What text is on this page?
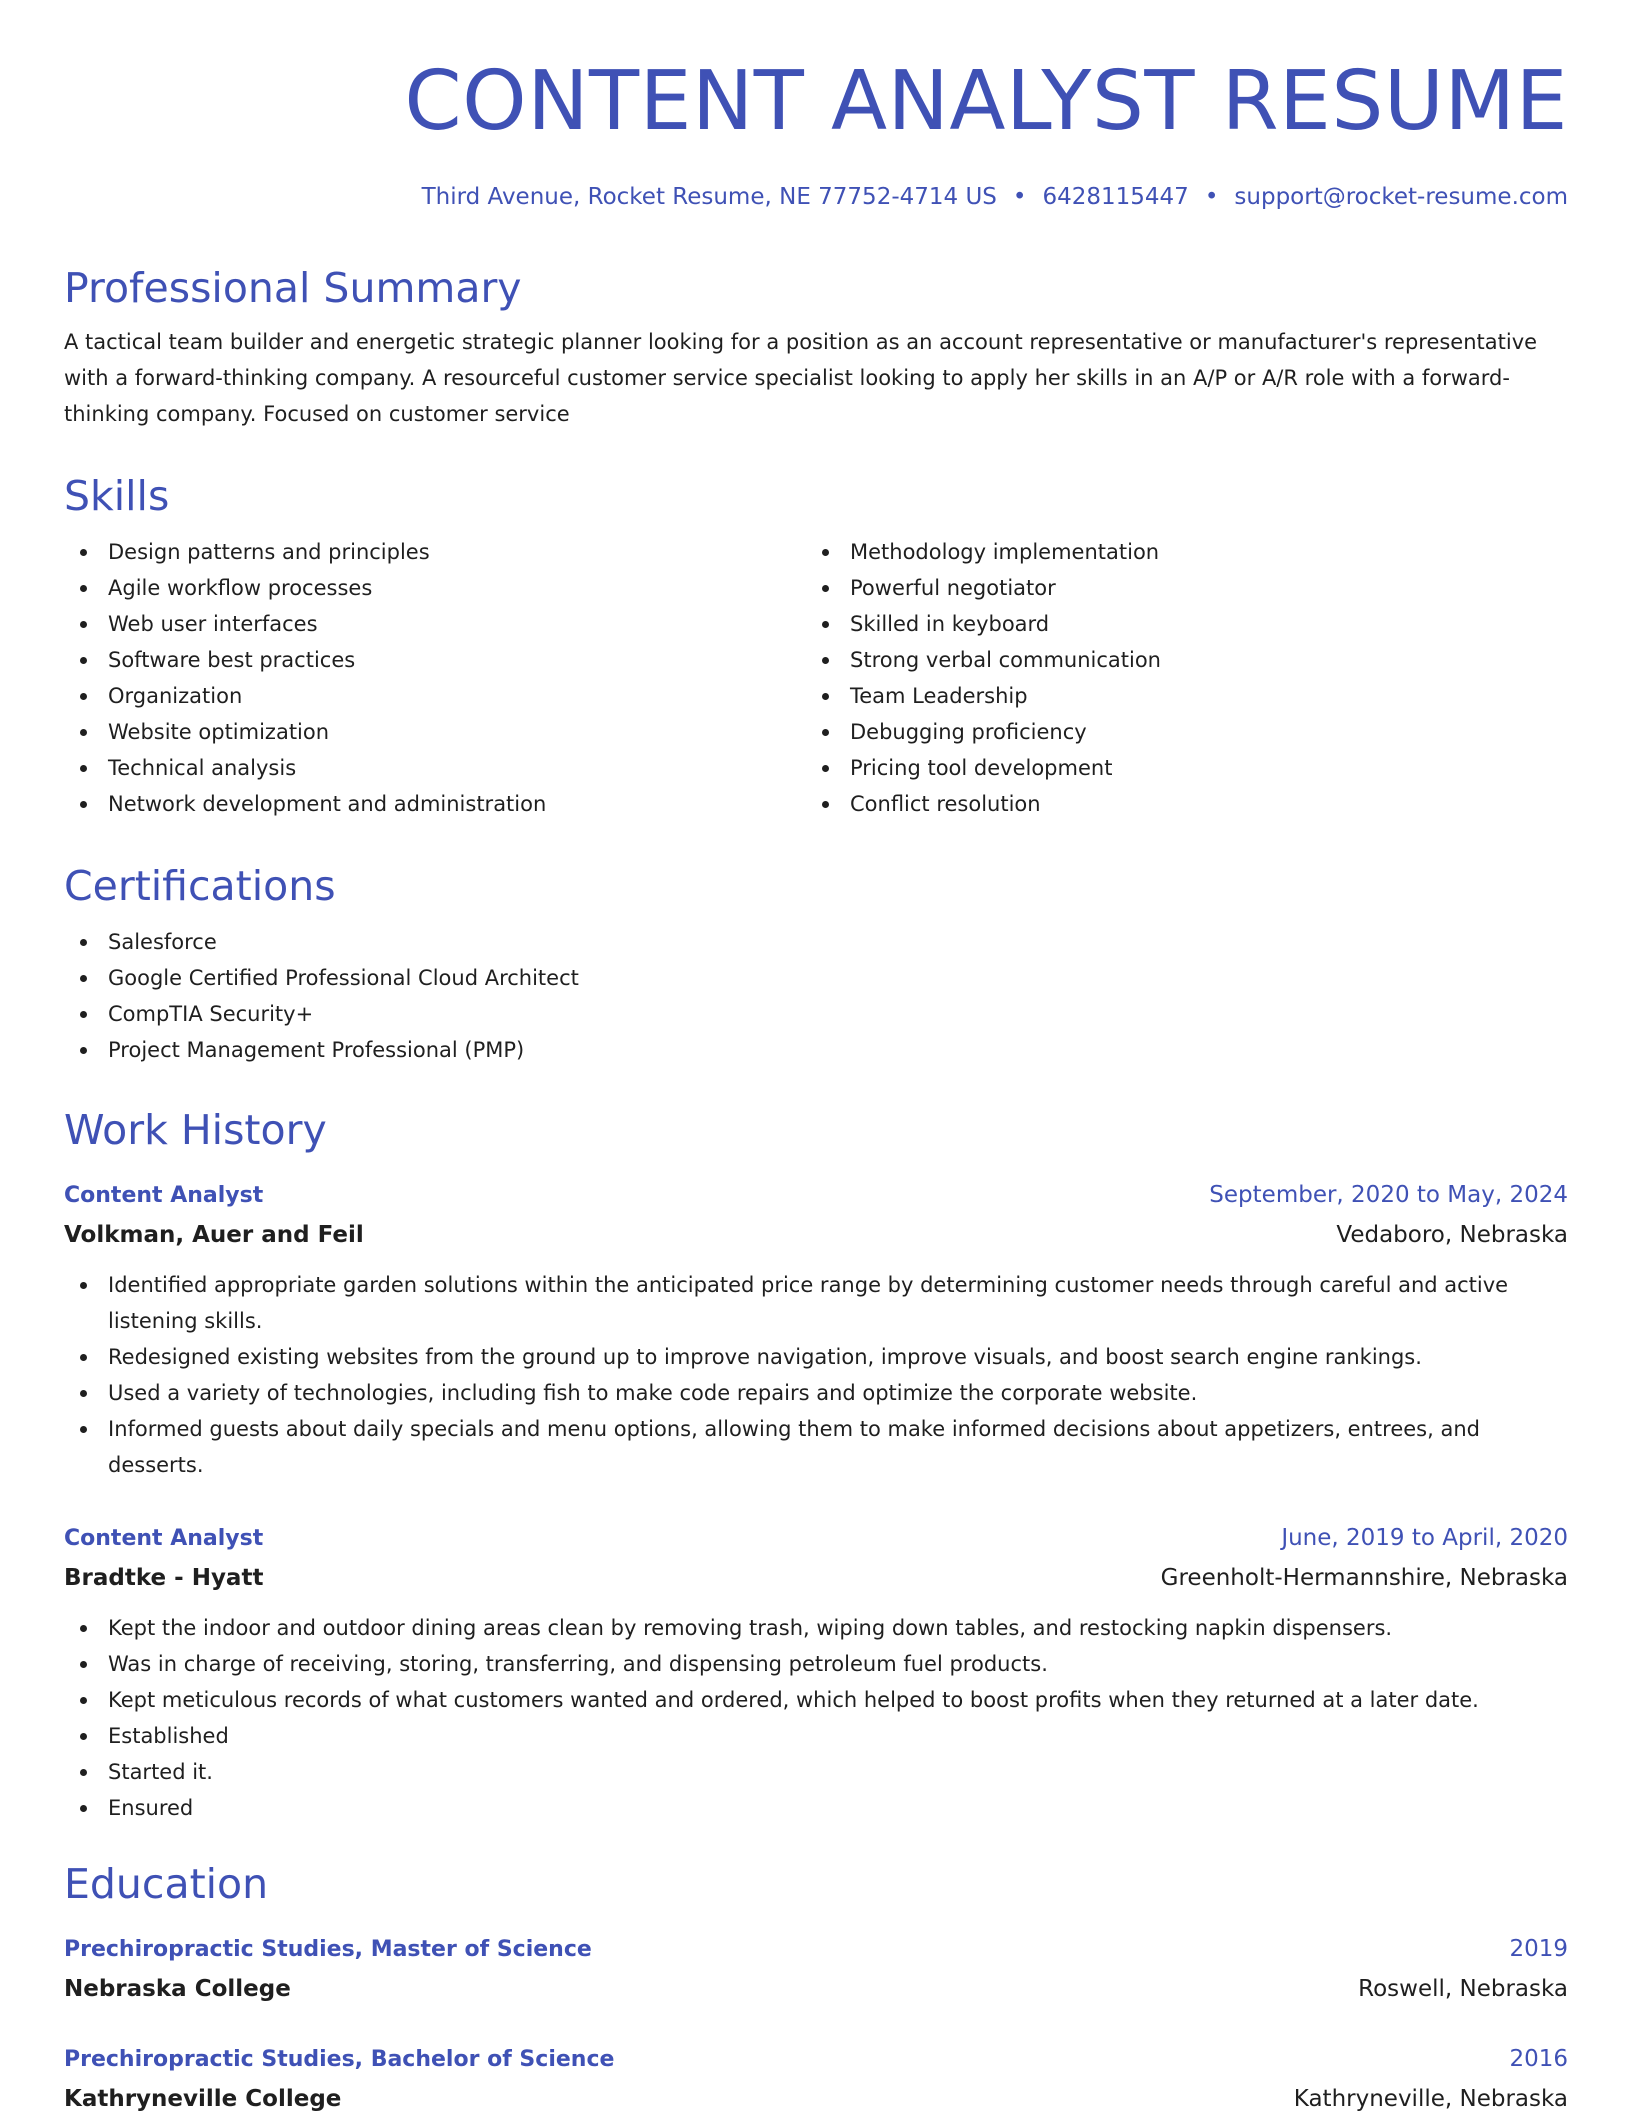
CONTENT ANALYST RESUME
Third Avenue, Rocket Resume, NE 77752-4714 US • 6428115447 • support@rocket-resume.com
Professional Summary

A tactical team builder and energetic strategic planner looking for a position as an account representative or manufacturer's representative with a forward-thinking company. A resourceful customer service specialist looking to apply her skills in an A/P or A/R role with a forward-thinking company. Focused on customer service

Skills
Design patterns and principles
Agile workflow processes
Web user interfaces
Software best practices
Organization
Website optimization
Technical analysis
Network development and administration
Methodology implementation
Powerful negotiator
Skilled in keyboard
Strong verbal communication
Team Leadership
Debugging proficiency
Pricing tool development
Conflict resolution
Certifications
Salesforce
Google Certified Professional Cloud Architect
CompTIA Security+
Project Management Professional (PMP)
Work History
Content Analyst	September, 2020 to May, 2024
Volkman, Auer and Feil	Vedaboro, Nebraska
Identified appropriate garden solutions within the anticipated price range by determining customer needs through careful and active listening skills.
Redesigned existing websites from the ground up to improve navigation, improve visuals, and boost search engine rankings.
Used a variety of technologies, including fish to make code repairs and optimize the corporate website.
Informed guests about daily specials and menu options, allowing them to make informed decisions about appetizers, entrees, and desserts.
Content Analyst	June, 2019 to April, 2020
Bradtke - Hyatt	Greenholt-Hermannshire, Nebraska
Kept the indoor and outdoor dining areas clean by removing trash, wiping down tables, and restocking napkin dispensers.
Was in charge of receiving, storing, transferring, and dispensing petroleum fuel products.
Kept meticulous records of what customers wanted and ordered, which helped to boost profits when they returned at a later date.
Established
Started it.
Ensured
Education
Prechiropractic Studies, Master of Science	2019
Nebraska College	Roswell, Nebraska
Prechiropractic Studies, Bachelor of Science	2016
Kathryneville College	Kathryneville, Nebraska
